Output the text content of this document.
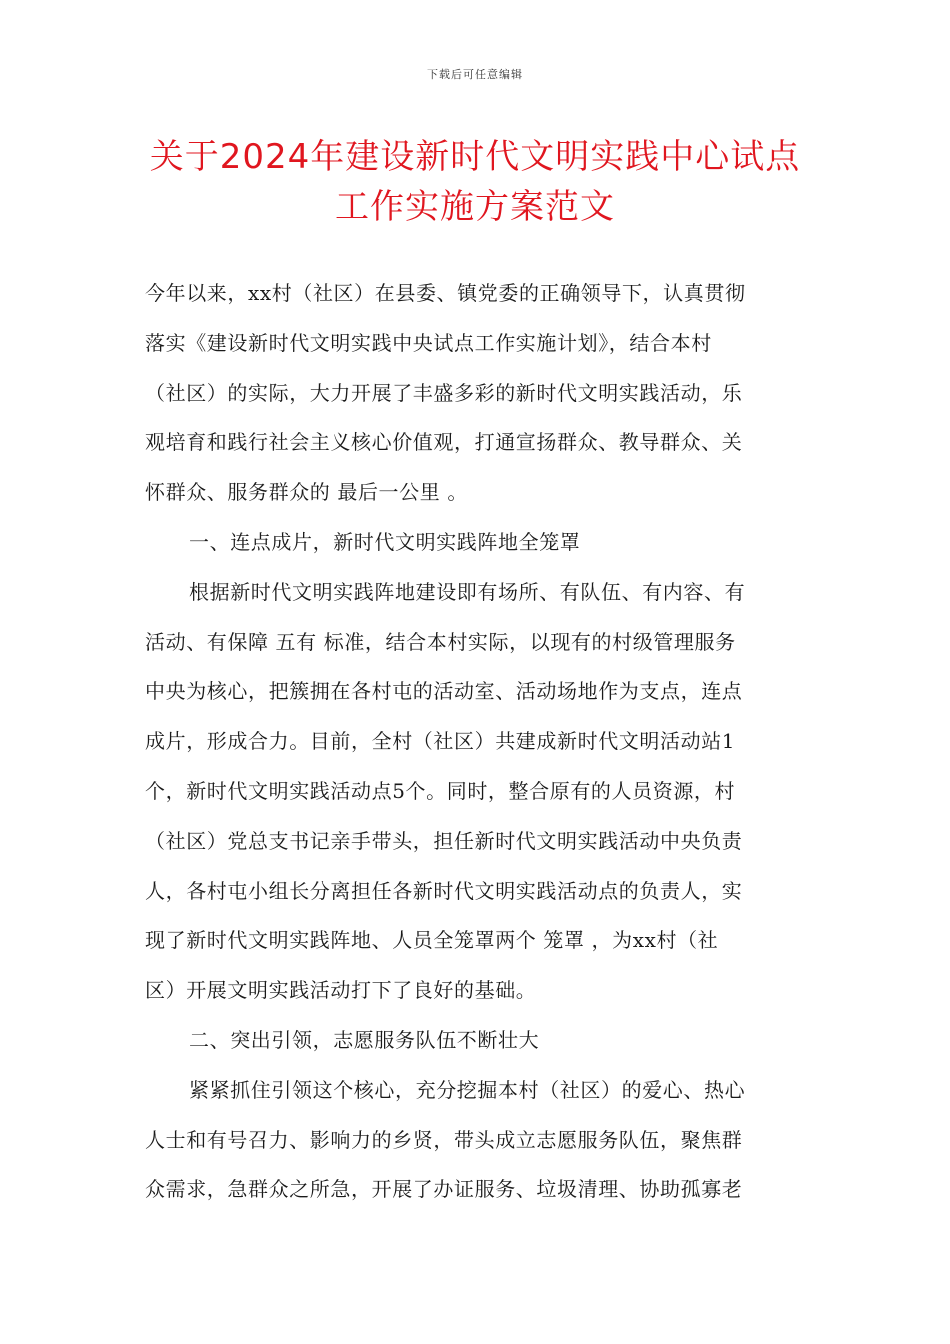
下载后可任意编辑
关于2024年建设新时代文明实践中心试点
工作实施方案范文
今年以来，xx村（社区）在县委、镇党委的正确领导下，认真贯彻
落实《建设新时代文明实践中央试点工作实施计划》，结合本村
（社区）的实际，大力开展了丰盛多彩的新时代文明实践活动，乐
观培育和践行社会主义核心价值观，打通宣扬群众、教导群众、关
怀群众、服务群众的 最后一公里 。
一、连点成片，新时代文明实践阵地全笼罩
根据新时代文明实践阵地建设即有场所、有队伍、有内容、有
活动、有保障 五有 标准，结合本村实际，以现有的村级管理服务
中央为核心，把簇拥在各村屯的活动室、活动场地作为支点，连点
成片，形成合力。目前，全村（社区）共建成新时代文明活动站1
个，新时代文明实践活动点5个。同时，整合原有的人员资源，村
（社区）党总支书记亲手带头，担任新时代文明实践活动中央负责
人，各村屯小组长分离担任各新时代文明实践活动点的负责人，实
现了新时代文明实践阵地、人员全笼罩两个 笼罩 ，为xx村（社
区）开展文明实践活动打下了良好的基础。
二、突出引领，志愿服务队伍不断壮大
紧紧抓住引领这个核心，充分挖掘本村（社区）的爱心、热心
人士和有号召力、影响力的乡贤，带头成立志愿服务队伍，聚焦群
众需求，急群众之所急，开展了办证服务、垃圾清理、协助孤寡老
